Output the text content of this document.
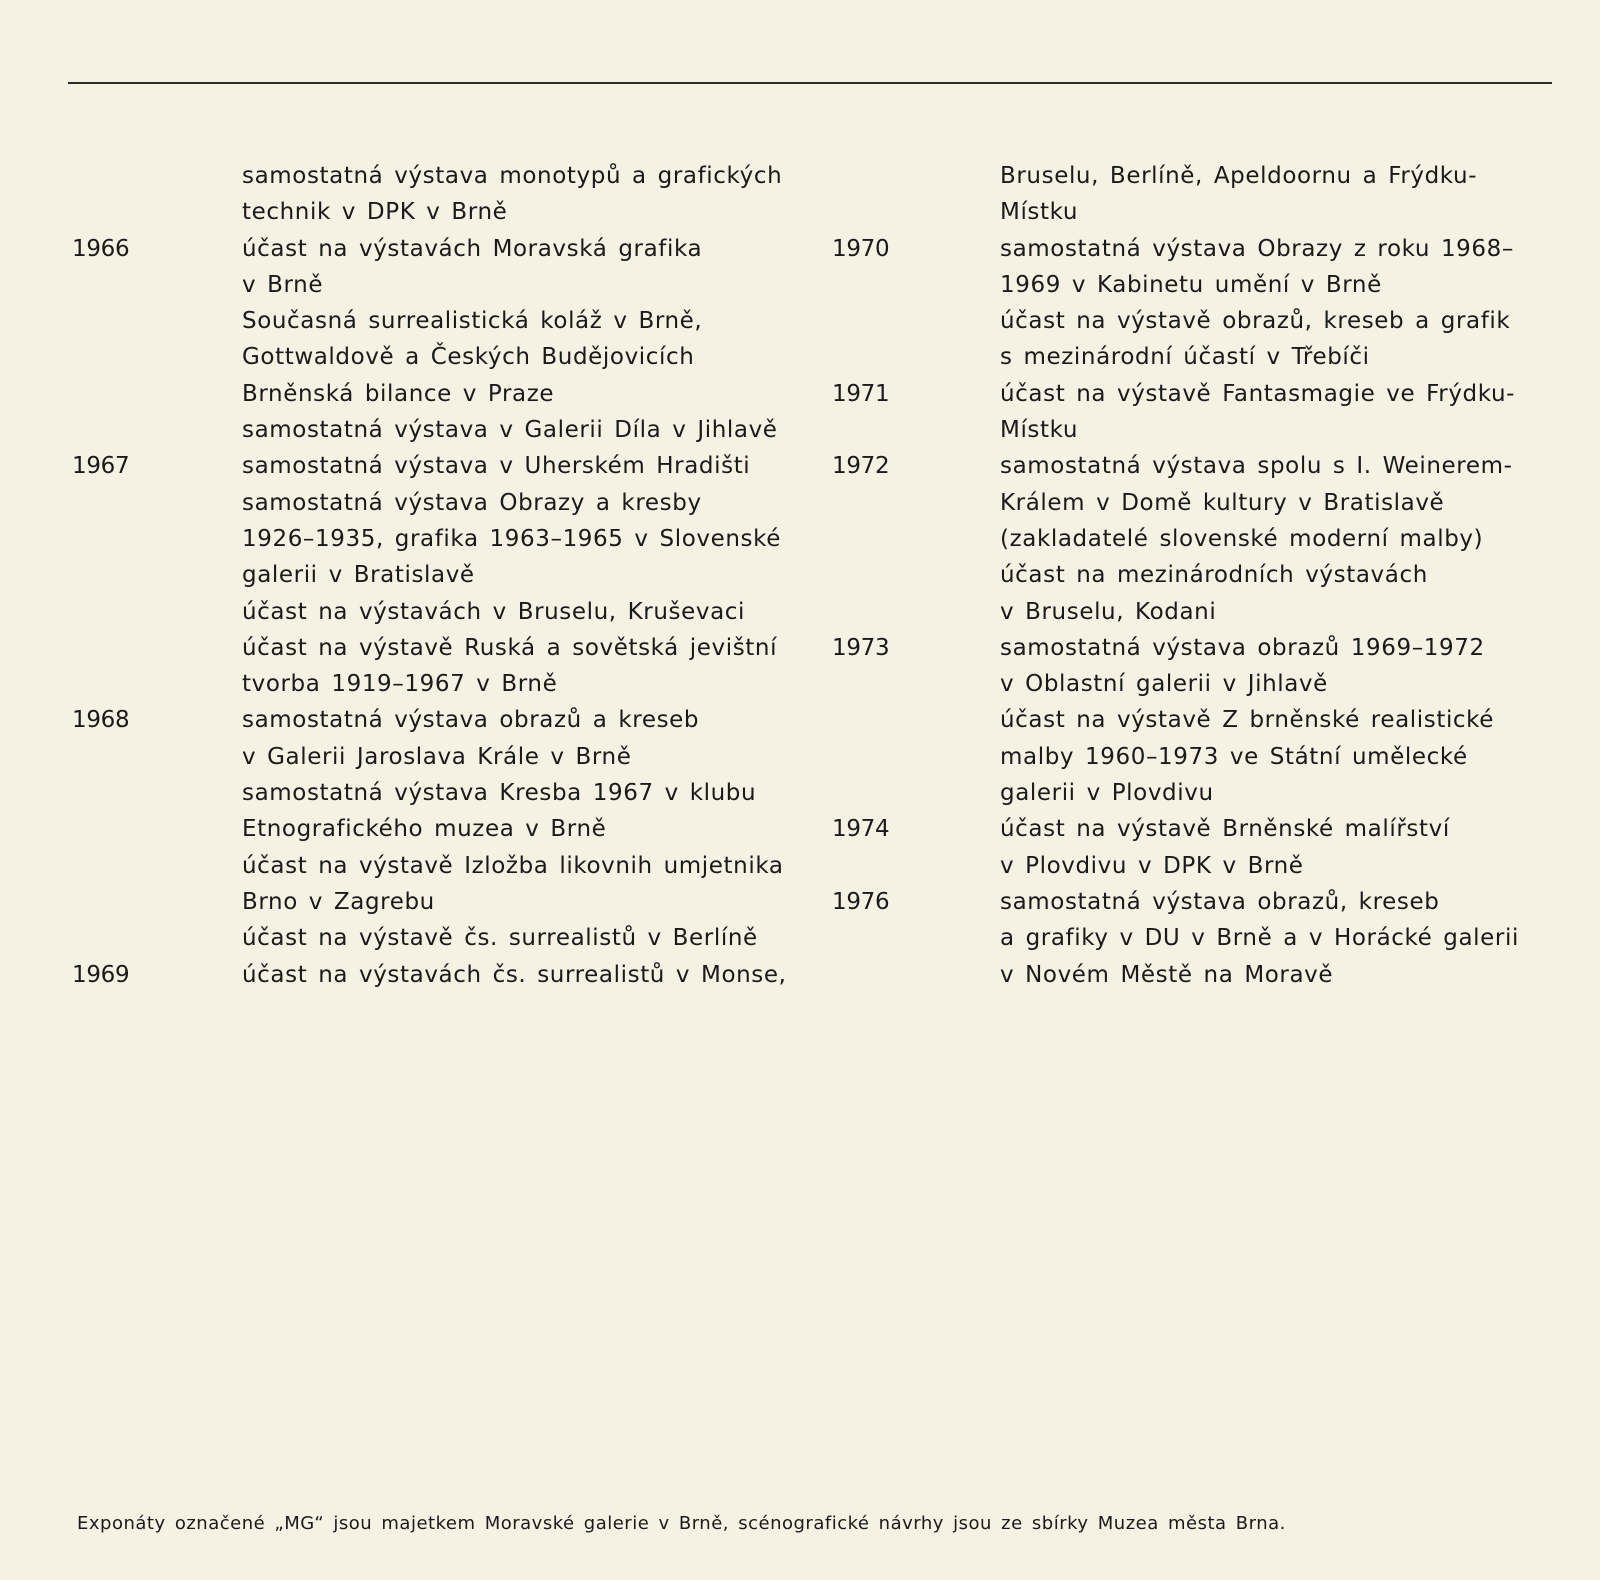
samostatná výstava monotypů a grafických
technik v DPK v Brně
1966	účast na výstavách Moravská grafika
v Brně
Současná surrealistická koláž v Brně,
Gottwaldově a Českých Budějovicích
Brněnská bilance v Praze
samostatná výstava v Galerii Díla v Jihlavě
1967	samostatná výstava v Uherském Hradišti
samostatná výstava Obrazy a kresby
1926–1935, grafika 1963–1965 v Slovenské
galerii v Bratislavě
účast na výstavách v Bruselu, Kruševaci
účast na výstavě Ruská a sovětská jevištní
tvorba 1919–1967 v Brně
1968	samostatná výstava obrazů a kreseb
v Galerii Jaroslava Krále v Brně
samostatná výstava Kresba 1967 v klubu
Etnografického muzea v Brně
účast na výstavě Izložba likovnih umjetnika
Brno v Zagrebu
účast na výstavě čs. surrealistů v Berlíně
1969	účast na výstavách čs. surrealistů v Monse,
Bruselu, Berlíně, Apeldoornu a Frýdku-
Místku
1970	samostatná výstava Obrazy z roku 1968–
1969 v Kabinetu umění v Brně
účast na výstavě obrazů, kreseb a grafik
s mezinárodní účastí v Třebíči
1971	účast na výstavě Fantasmagie ve Frýdku-
Místku
1972	samostatná výstava spolu s I. Weinerem-
Králem v Domě kultury v Bratislavě
(zakladatelé slovenské moderní malby)
účast na mezinárodních výstavách
v Bruselu, Kodani
1973	samostatná výstava obrazů 1969–1972
v Oblastní galerii v Jihlavě
účast na výstavě Z brněnské realistické
malby 1960–1973 ve Státní umělecké
galerii v Plovdivu
1974	účast na výstavě Brněnské malířství
v Plovdivu v DPK v Brně
1976	samostatná výstava obrazů, kreseb
a grafiky v DU v Brně a v Horácké galerii
v Novém Městě na Moravě
Exponáty označené „MG“ jsou majetkem Moravské galerie v Brně, scénografické návrhy jsou ze sbírky Muzea města Brna.
